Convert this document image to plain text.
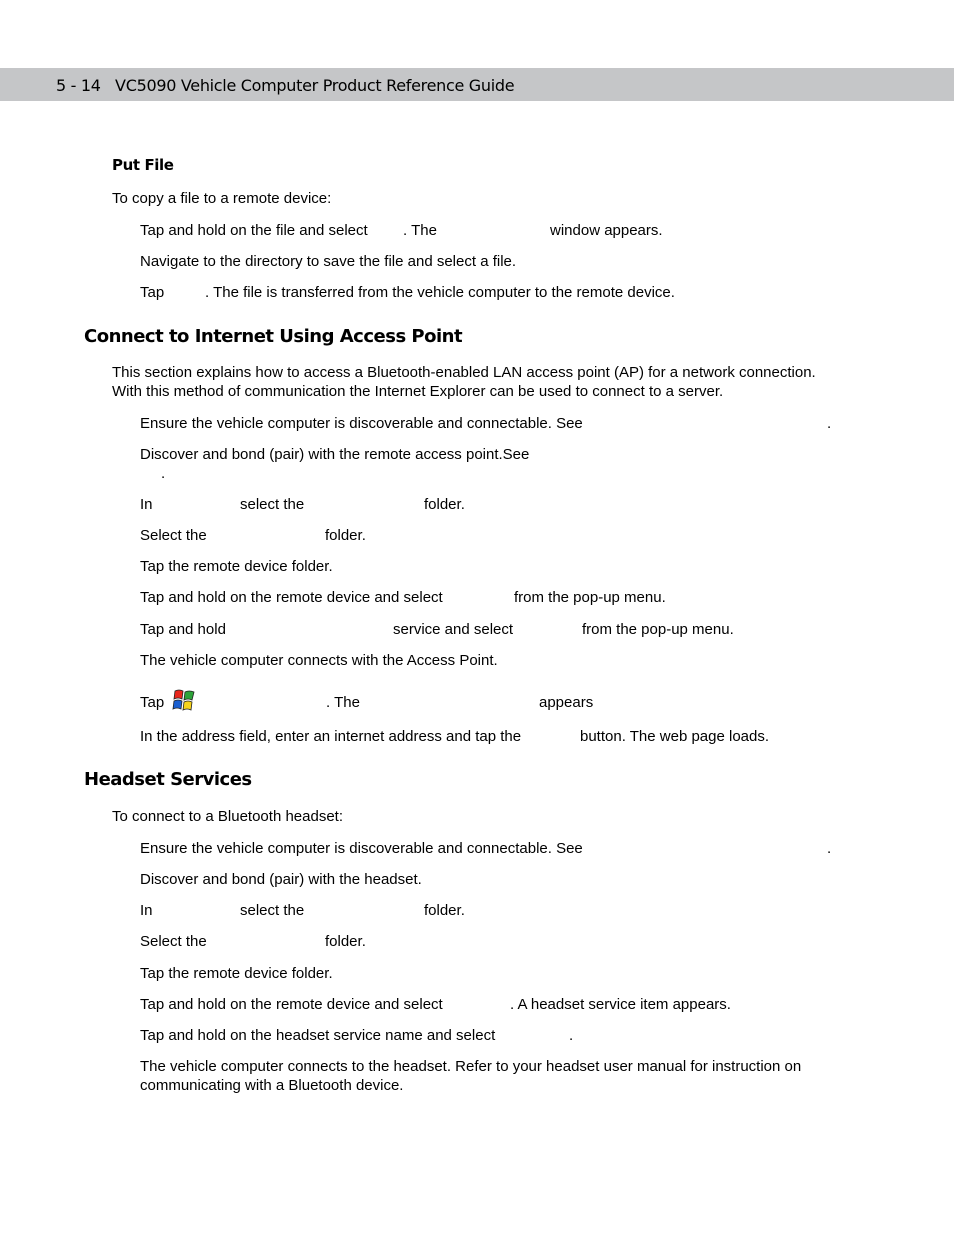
5 - 14 VC5090 Vehicle Computer Product Reference Guide
Put File
To copy a file to a remote device:
Tap and hold on the file and select . The	window appears.
Navigate to the directory to save the file and select a file.
Tap	. The file is transferred from the vehicle computer to the remote device.
Connect to Internet Using Access Point
This section explains how to access a Bluetooth-enabled LAN access point (AP) for a network connection.
With this method of communication the Internet Explorer can be used to connect to a server.
Ensure the vehicle computer is discoverable and connectable. See	.
Discover and bond (pair) with the remote access point.See
.
In	select the	folder.
Select the	folder.
Tap the remote device folder.
Tap and hold on the remote device and select	from the pop-up menu.
Tap and hold	service and select	from the pop-up menu.
The vehicle computer connects with the Access Point.
Tap	. The	appears
In the address field, enter an internet address and tap the	button. The web page loads.
Headset Services
To connect to a Bluetooth headset:
Ensure the vehicle computer is discoverable and connectable. See	.
Discover and bond (pair) with the headset.
In	select the	folder.
Select the	folder.
Tap the remote device folder.
Tap and hold on the remote device and select	. A headset service item appears.
Tap and hold on the headset service name and select	.
The vehicle computer connects to the headset. Refer to your headset user manual for instruction on
communicating with a Bluetooth device.
